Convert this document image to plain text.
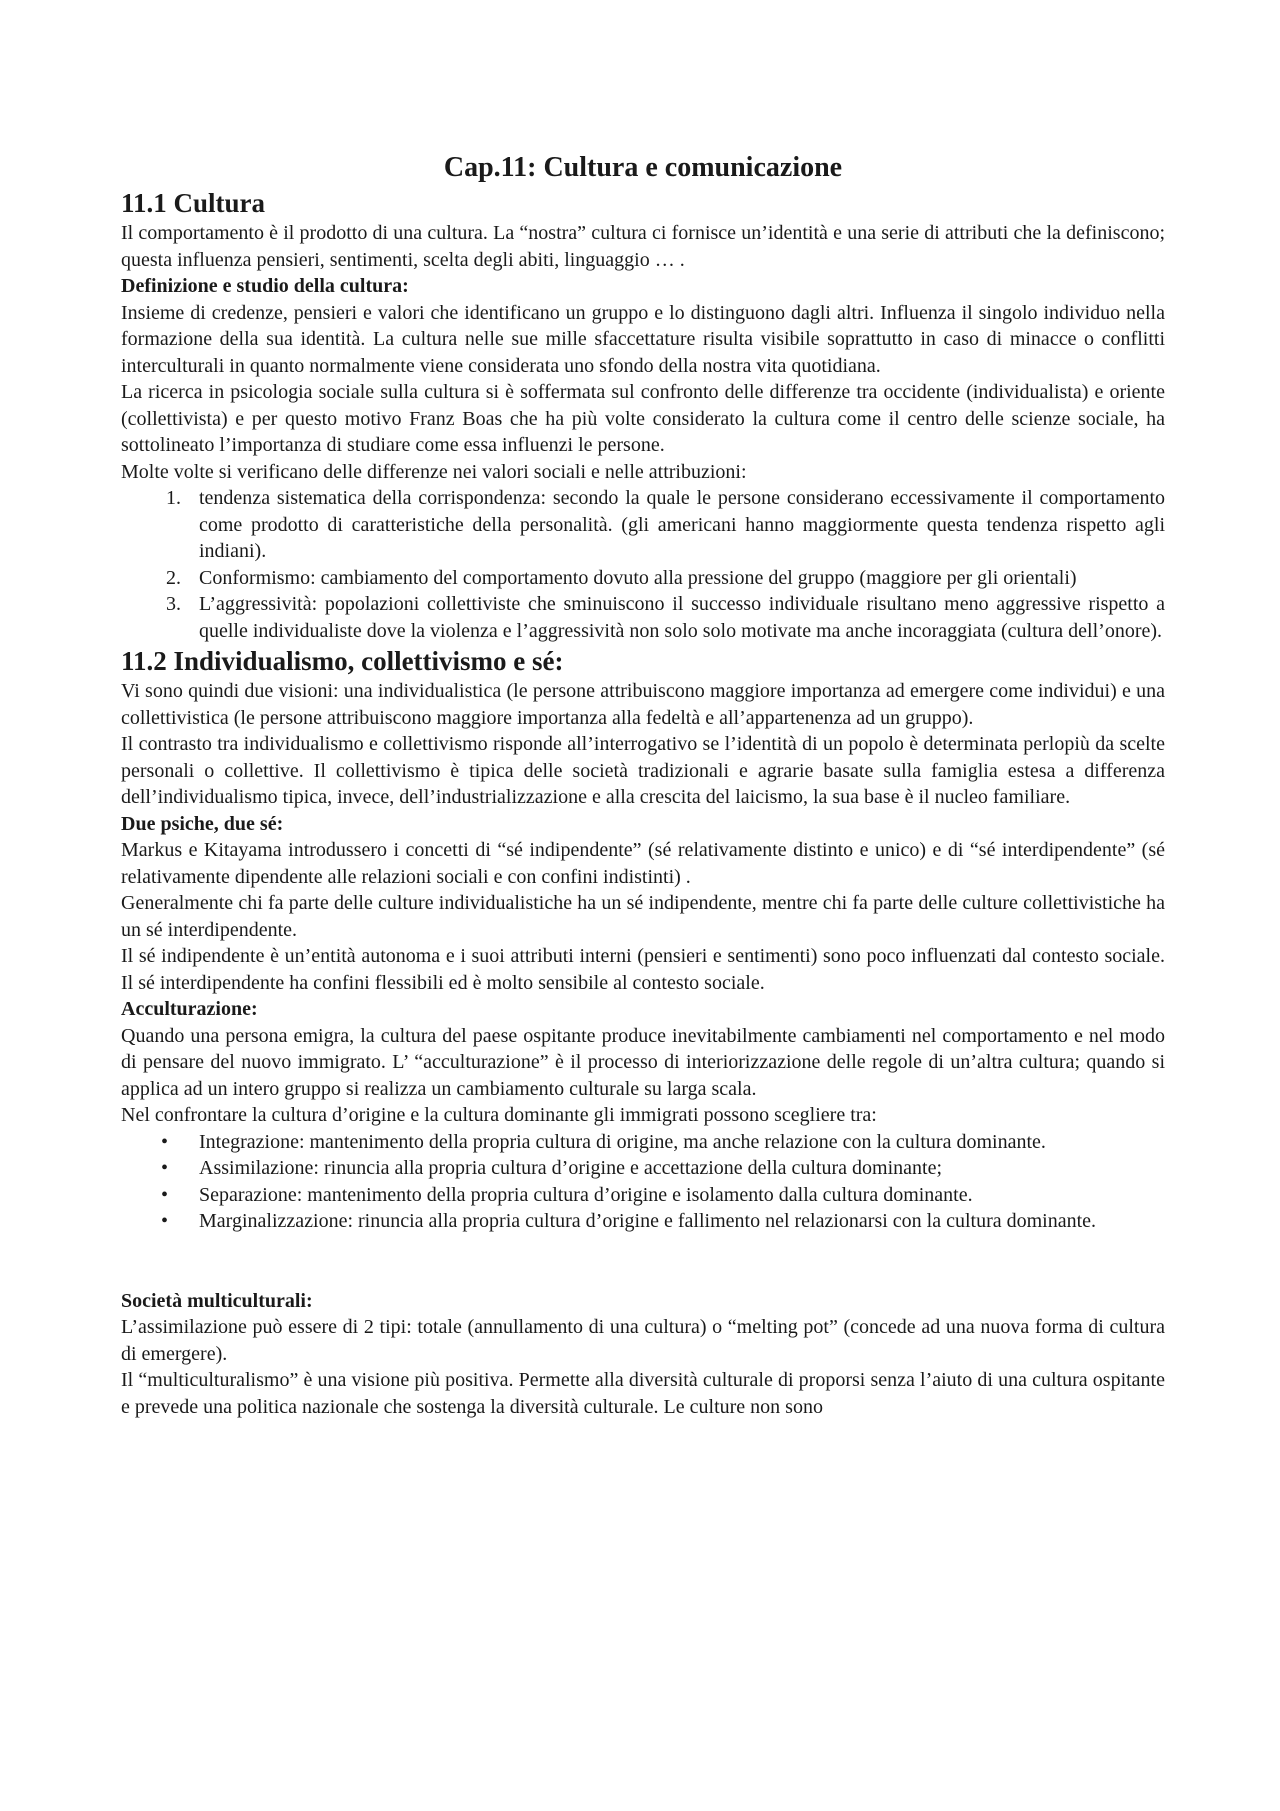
Cap.11: Cultura e comunicazione
11.1 Cultura

Il comportamento è il prodotto di una cultura. La “nostra” cultura ci fornisce un’identità e una serie di attributi che la definiscono; questa influenza pensieri, sentimenti, scelta degli abiti, linguaggio … .

Definizione e studio della cultura:

Insieme di credenze, pensieri e valori che identificano un gruppo e lo distinguono dagli altri. Influenza il singolo individuo nella formazione della sua identità. La cultura nelle sue mille sfaccettature risulta visibile soprattutto in caso di minacce o conflitti interculturali in quanto normalmente viene considerata uno sfondo della nostra vita quotidiana.

La ricerca in psicologia sociale sulla cultura si è soffermata sul confronto delle differenze tra occidente (individualista) e oriente (collettivista) e per questo motivo Franz Boas che ha più volte considerato la cultura come il centro delle scienze sociale, ha sottolineato l’importanza di studiare come essa influenzi le persone.

Molte volte si verificano delle differenze nei valori sociali e nelle attribuzioni:

1. tendenza sistematica della corrispondenza: secondo la quale le persone considerano eccessivamente il comportamento come prodotto di caratteristiche della personalità. (gli americani hanno maggiormente questa tendenza rispetto agli indiani).
2. Conformismo: cambiamento del comportamento dovuto alla pressione del gruppo (maggiore per gli orientali)
3. L’aggressività: popolazioni collettiviste che sminuiscono il successo individuale risultano meno aggressive rispetto a quelle individualiste dove la violenza e l’aggressività non solo solo motivate ma anche incoraggiata (cultura dell’onore).
11.2 Individualismo, collettivismo e sé:

Vi sono quindi due visioni: una individualistica (le persone attribuiscono maggiore importanza ad emergere come individui) e una collettivistica (le persone attribuiscono maggiore importanza alla fedeltà e all’appartenenza ad un gruppo).

Il contrasto tra individualismo e collettivismo risponde all’interrogativo se l’identità di un popolo è determinata perlopiù da scelte personali o collettive. Il collettivismo è tipica delle società tradizionali e agrarie basate sulla famiglia estesa a differenza dell’individualismo tipica, invece, dell’industrializzazione e alla crescita del laicismo, la sua base è il nucleo familiare.

Due psiche, due sé:

Markus e Kitayama introdussero i concetti di “sé indipendente” (sé relativamente distinto e unico) e di “sé interdipendente” (sé relativamente dipendente alle relazioni sociali e con confini indistinti) .

Generalmente chi fa parte delle culture individualistiche ha un sé indipendente, mentre chi fa parte delle culture collettivistiche ha un sé interdipendente.

Il sé indipendente è un’entità autonoma e i suoi attributi interni (pensieri e sentimenti) sono poco influenzati dal contesto sociale. Il sé interdipendente ha confini flessibili ed è molto sensibile al contesto sociale.

Acculturazione:

Quando una persona emigra, la cultura del paese ospitante produce inevitabilmente cambiamenti nel comportamento e nel modo di pensare del nuovo immigrato. L’ “acculturazione” è il processo di interiorizzazione delle regole di un’altra cultura; quando si applica ad un intero gruppo si realizza un cambiamento culturale su larga scala.

Nel confrontare la cultura d’origine e la cultura dominante gli immigrati possono scegliere tra:

•	Integrazione: mantenimento della propria cultura di origine, ma anche relazione con la cultura dominante.
•	Assimilazione: rinuncia alla propria cultura d’origine e accettazione della cultura dominante;
•	Separazione: mantenimento della propria cultura d’origine e isolamento dalla cultura dominante.
•	Marginalizzazione: rinuncia alla propria cultura d’origine e fallimento nel relazionarsi con la cultura dominante.

Società multiculturali:

L’assimilazione può essere di 2 tipi: totale (annullamento di una cultura) o “melting pot” (concede ad una nuova forma di cultura di emergere).

Il “multiculturalismo” è una visione più positiva. Permette alla diversità culturale di proporsi senza l’aiuto di una cultura ospitante e prevede una politica nazionale che sostenga la diversità culturale. Le culture non sono
